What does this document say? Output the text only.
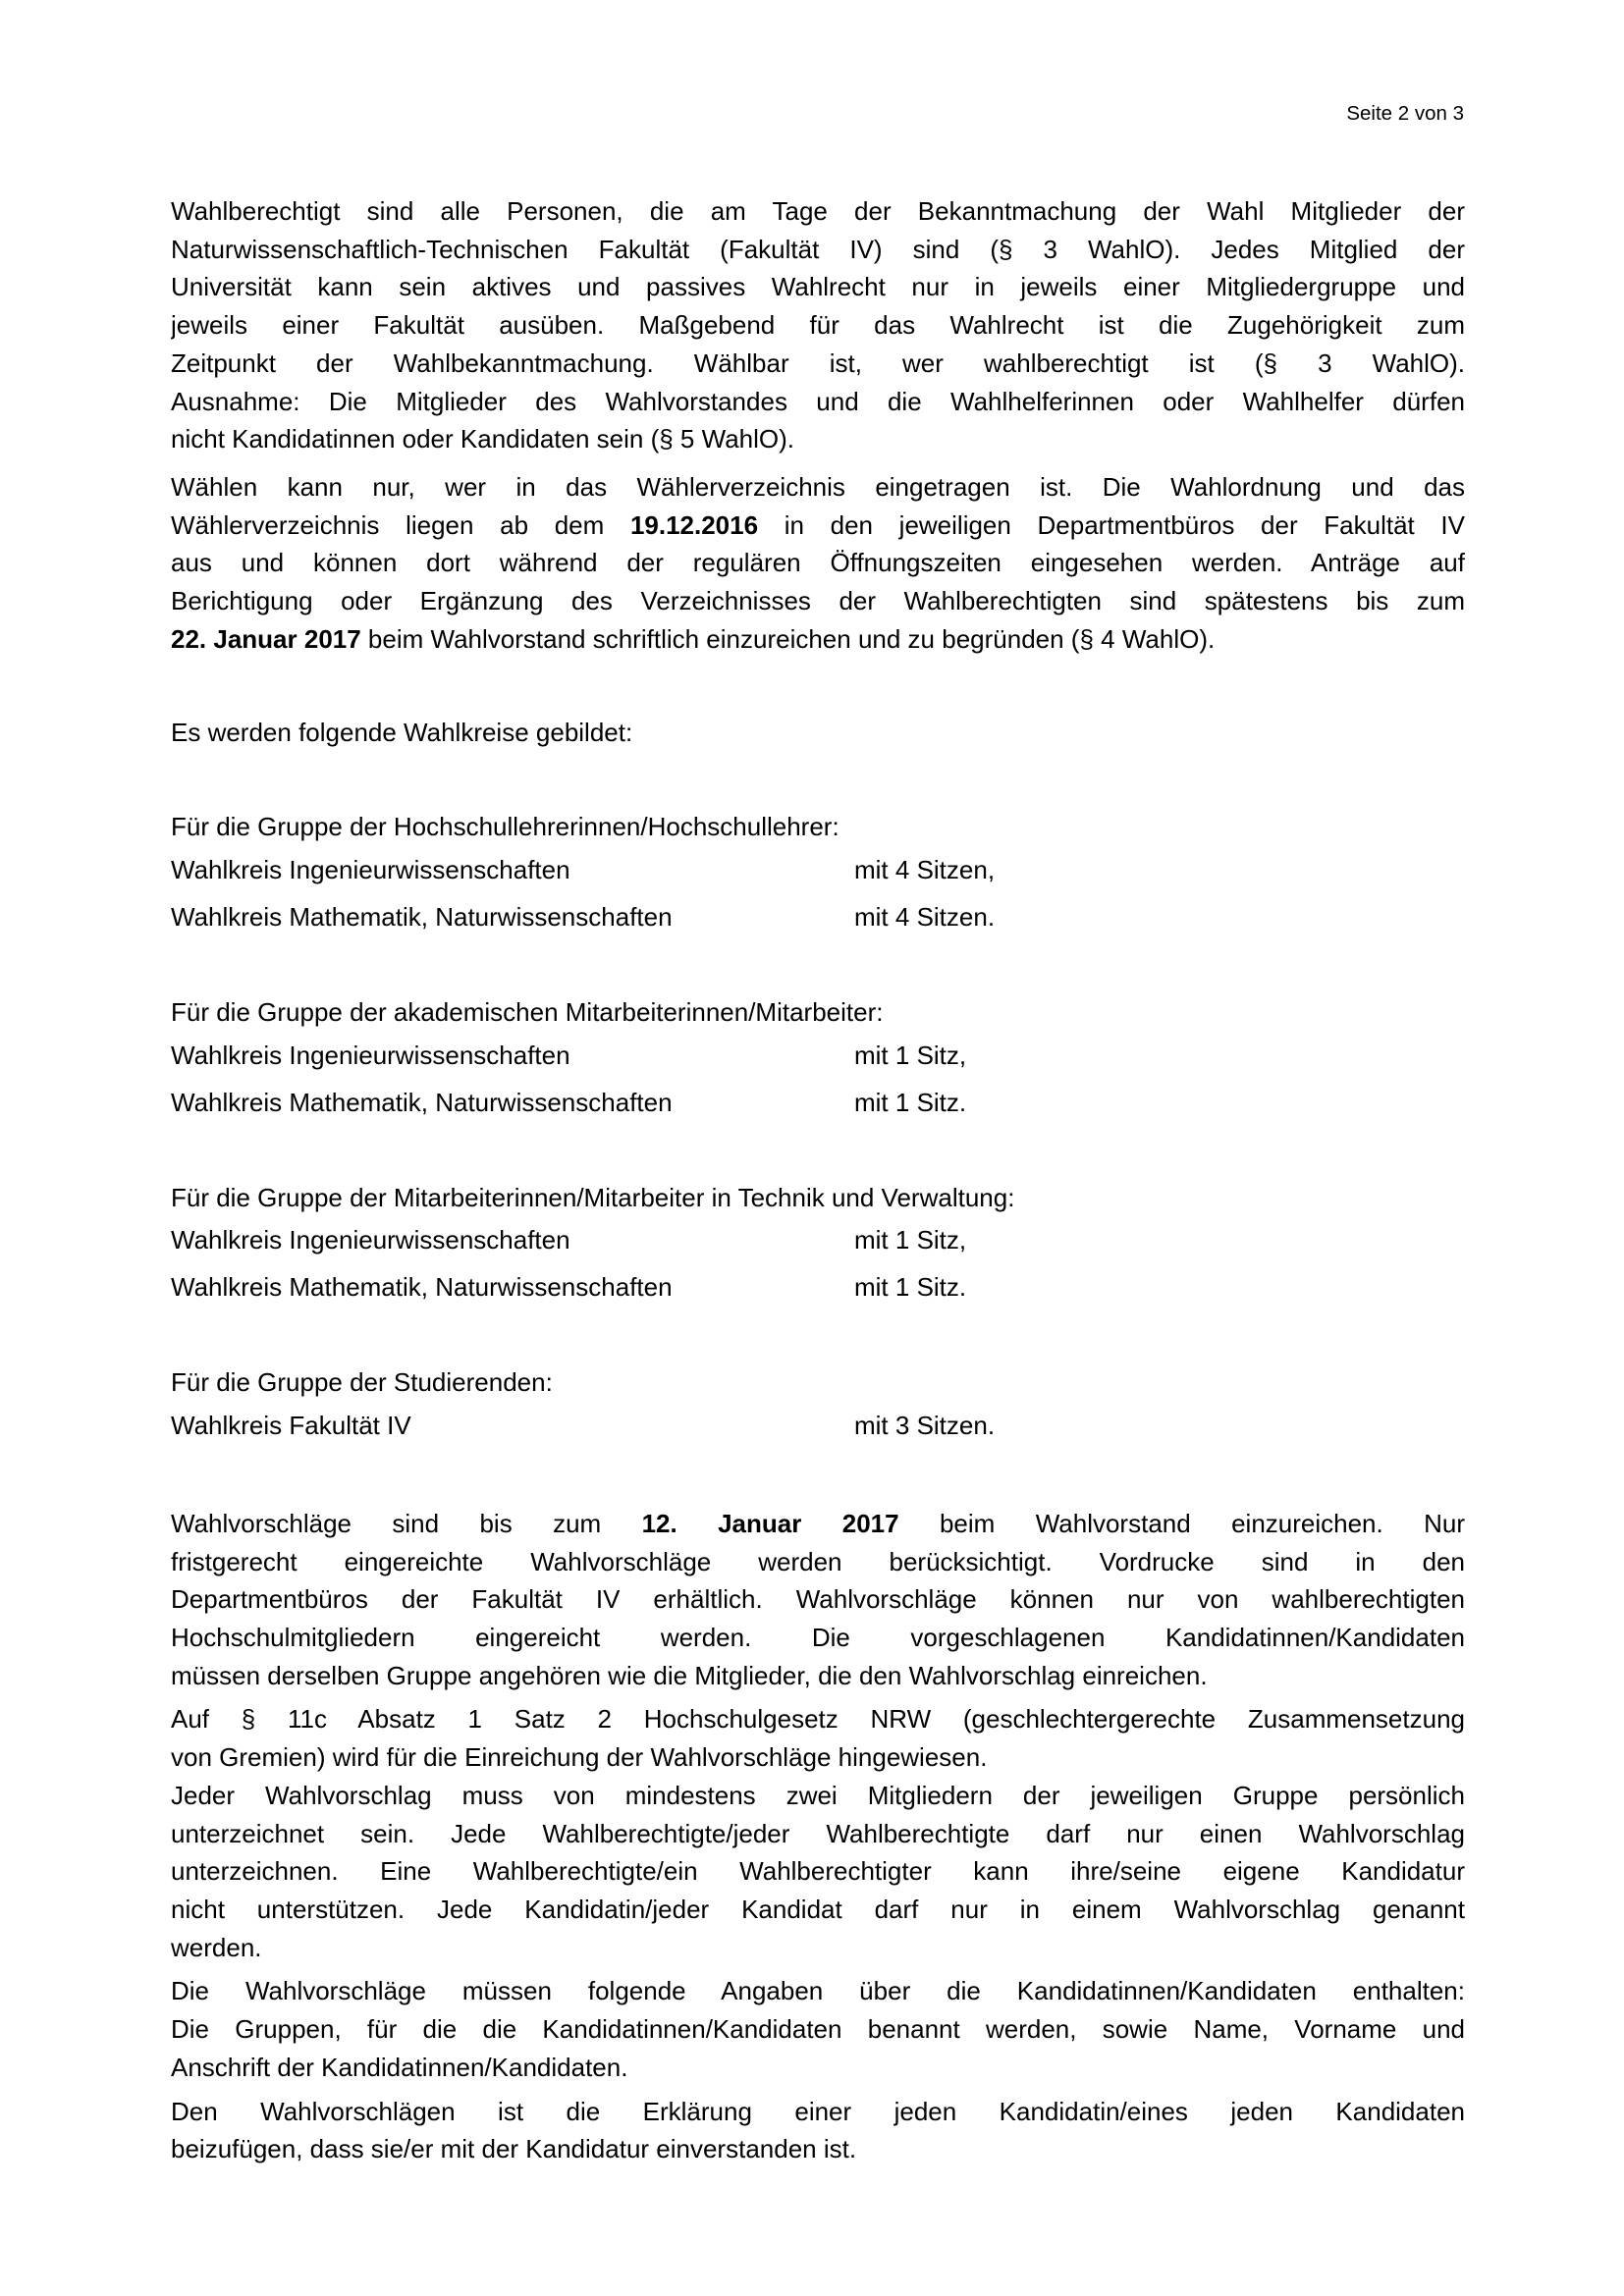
Seite 2 von 3

Wahlberechtigt sind alle Personen, die am Tage der Bekanntmachung der Wahl Mitglieder der
Naturwissenschaftlich-Technischen Fakultät (Fakultät IV) sind (§ 3 WahlO). Jedes Mitglied der
Universität kann sein aktives und passives Wahlrecht nur in jeweils einer Mitgliedergruppe und
jeweils einer Fakultät ausüben. Maßgebend für das Wahlrecht ist die Zugehörigkeit zum
Zeitpunkt der Wahlbekanntmachung. Wählbar ist, wer wahlberechtigt ist (§ 3 WahlO).
Ausnahme: Die Mitglieder des Wahlvorstandes und die Wahlhelferinnen oder Wahlhelfer dürfen
nicht Kandidatinnen oder Kandidaten sein (§ 5 WahlO).

Wählen kann nur, wer in das Wählerverzeichnis eingetragen ist. Die Wahlordnung und das
Wählerverzeichnis liegen ab dem 19.12.2016 in den jeweiligen Departmentbüros der Fakultät IV
aus und können dort während der regulären Öffnungszeiten eingesehen werden. Anträge auf
Berichtigung oder Ergänzung des Verzeichnisses der Wahlberechtigten sind spätestens bis zum
22. Januar 2017 beim Wahlvorstand schriftlich einzureichen und zu begründen (§ 4 WahlO).

Es werden folgende Wahlkreise gebildet:

Für die Gruppe der Hochschullehrerinnen/Hochschullehrer:

Wahlkreis Ingenieurwissenschaften	mit 4 Sitzen,
Wahlkreis Mathematik, Naturwissenschaften	mit 4 Sitzen.

Für die Gruppe der akademischen Mitarbeiterinnen/Mitarbeiter:

Wahlkreis Ingenieurwissenschaften	mit 1 Sitz,
Wahlkreis Mathematik, Naturwissenschaften	mit 1 Sitz.

Für die Gruppe der Mitarbeiterinnen/Mitarbeiter in Technik und Verwaltung:

Wahlkreis Ingenieurwissenschaften	mit 1 Sitz,
Wahlkreis Mathematik, Naturwissenschaften	mit 1 Sitz.

Für die Gruppe der Studierenden:

Wahlkreis Fakultät IV	mit 3 Sitzen.

Wahlvorschläge sind bis zum 12. Januar 2017 beim Wahlvorstand einzureichen. Nur
fristgerecht eingereichte Wahlvorschläge werden berücksichtigt. Vordrucke sind in den
Departmentbüros der Fakultät IV erhältlich. Wahlvorschläge können nur von wahlberechtigten
Hochschulmitgliedern eingereicht werden. Die vorgeschlagenen Kandidatinnen/Kandidaten
müssen derselben Gruppe angehören wie die Mitglieder, die den Wahlvorschlag einreichen.

Auf § 11c Absatz 1 Satz 2 Hochschulgesetz NRW (geschlechtergerechte Zusammensetzung
von Gremien) wird für die Einreichung der Wahlvorschläge hingewiesen.

Jeder Wahlvorschlag muss von mindestens zwei Mitgliedern der jeweiligen Gruppe persönlich
unterzeichnet sein. Jede Wahlberechtigte/jeder Wahlberechtigte darf nur einen Wahlvorschlag
unterzeichnen. Eine Wahlberechtigte/ein Wahlberechtigter kann ihre/seine eigene Kandidatur
nicht unterstützen. Jede Kandidatin/jeder Kandidat darf nur in einem Wahlvorschlag genannt
werden.

Die Wahlvorschläge müssen folgende Angaben über die Kandidatinnen/Kandidaten enthalten:
Die Gruppen, für die die Kandidatinnen/Kandidaten benannt werden, sowie Name, Vorname und
Anschrift der Kandidatinnen/Kandidaten.

Den Wahlvorschlägen ist die Erklärung einer jeden Kandidatin/eines jeden Kandidaten
beizufügen, dass sie/er mit der Kandidatur einverstanden ist.
